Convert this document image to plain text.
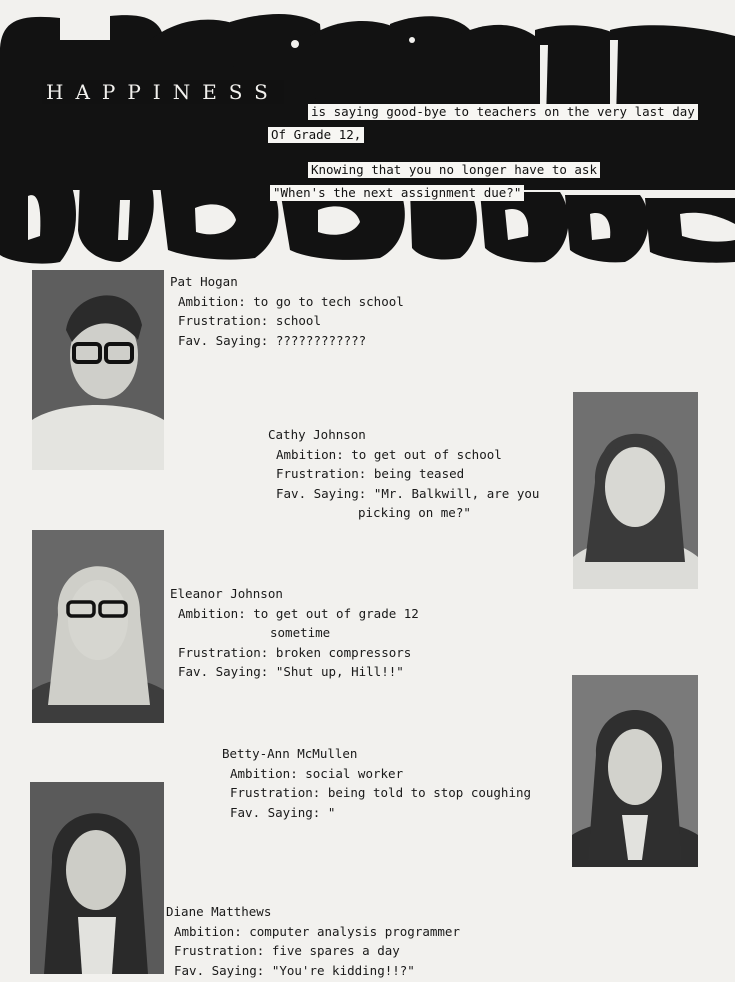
HAPPINESS
is saying good-bye to teachers on the very last day
Of Grade 12,
Knowing that you no longer have to ask
"When's the next assignment due?"
Pat Hogan
Ambition: to go to tech school
Frustration: school
Fav. Saying: ????????????
Cathy Johnson
Ambition: to get out of school
Frustration: being teased
Fav. Saying: "Mr. Balkwill, are you
picking on me?"
Eleanor Johnson
Ambition: to get out of grade 12
sometime
Frustration: broken compressors
Fav. Saying: "Shut up, Hill!!"
Betty-Ann McMullen
Ambition: social worker
Frustration: being told to stop coughing
Fav. Saying: "
Diane Matthews
Ambition: computer analysis programmer
Frustration: five spares a day
Fav. Saying: "You're kidding!!?"
